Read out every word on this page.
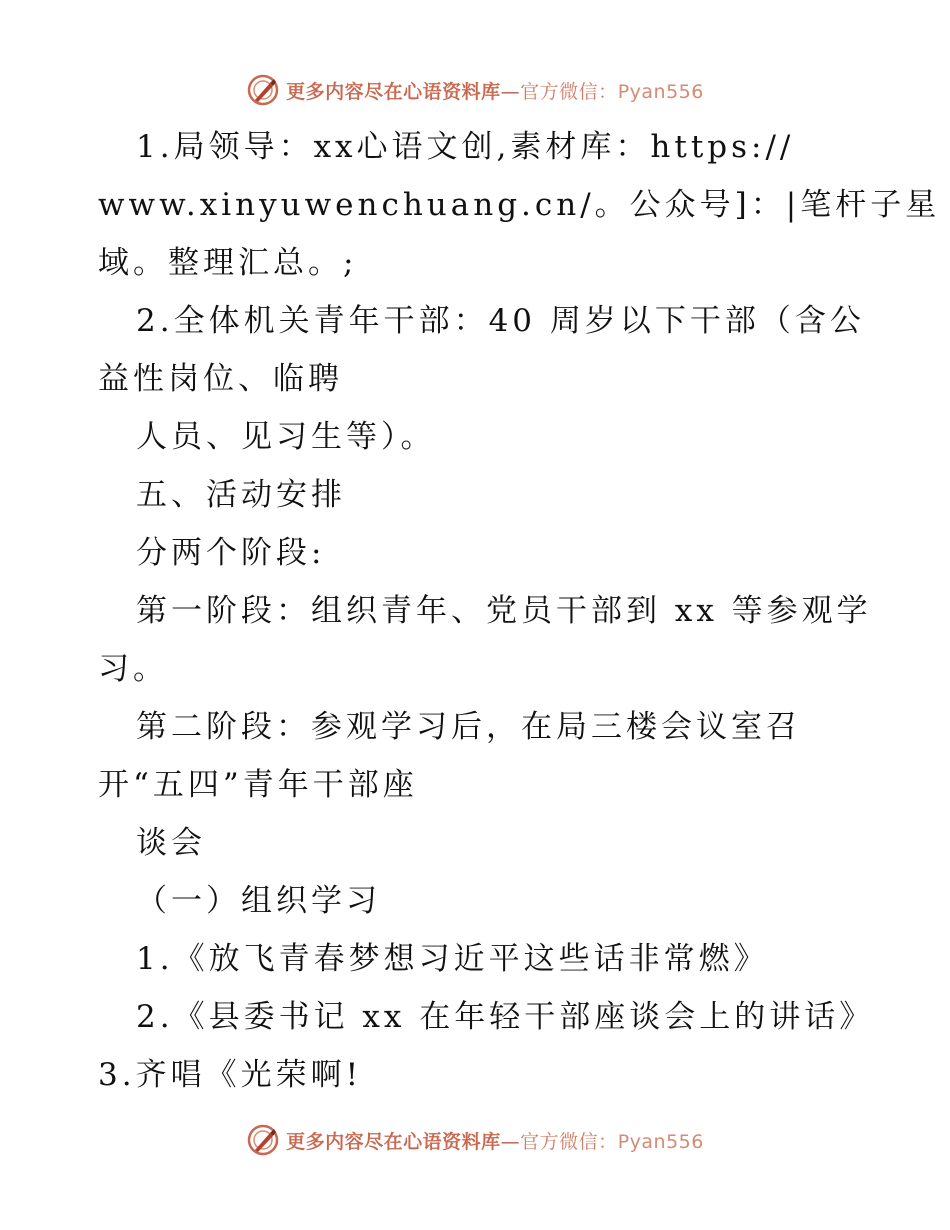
更多内容尽在心语资料库—官方微信：Pyan556
1.局领导：xx心语文创,素材库：https://
www.xinyuwenchuang.cn/。公众号]：|笔杆子星
域。整理汇总。;
2.全体机关青年干部：40 周岁以下干部（含公
益性岗位、临聘
人员、见习生等）。
五、活动安排
分两个阶段:
第一阶段：组织青年、党员干部到 xx 等参观学
习。
第二阶段：参观学习后，在局三楼会议室召
开“五四”青年干部座
谈会
（一）组织学习
1.《放飞青春梦想习近平这些话非常燃》
2.《县委书记 xx 在年轻干部座谈会上的讲话》
3.齐唱《光荣啊!
更多内容尽在心语资料库—官方微信：Pyan556
